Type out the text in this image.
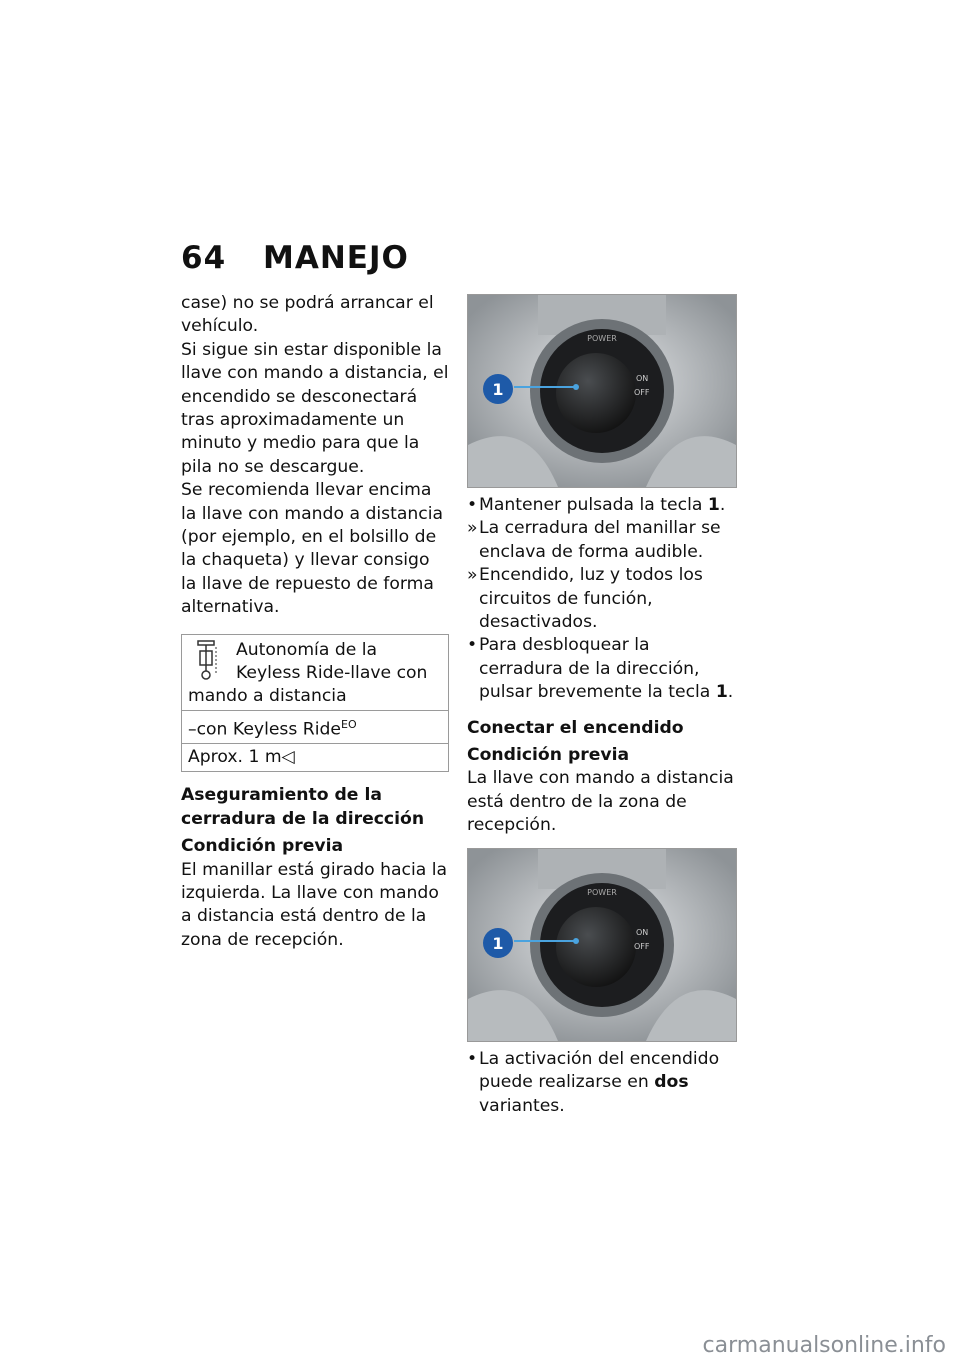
64 MANEJO

case) no se podrá arrancar el vehículo.

Si sigue sin estar disponible la llave con mando a distancia, el encendido se desconectará tras aproximadamente un minuto y medio para que la pila no se descargue.

Se recomienda llevar encima la llave con mando a distancia (por ejemplo, en el bolsillo de la chaqueta) y llevar consigo la llave de repuesto de forma alternativa.

Autonomía de la Keyless Ride-llave con mando a distancia
–con Keyless Ride$^{EO}$
Aprox. 1 m◁
Aseguramiento de la cerradura de la dirección
Condición previa

El manillar está girado hacia la izquierda. La llave con mando a distancia está dentro de la zona de recepción.

POWER
ON
OFF
1
• Mantener pulsada la tecla 1.
» La cerradura del manillar se enclava de forma audible.
» Encendido, luz y todos los circuitos de función, desactivados.
• Para desbloquear la cerradura de la dirección, pulsar brevemente la tecla 1.
Conectar el encendido
Condición previa

La llave con mando a distancia está dentro de la zona de recepción.

POWER
ON
OFF
1
• La activación del encendido puede realizarse en dos variantes.
carmanualsonline.info
